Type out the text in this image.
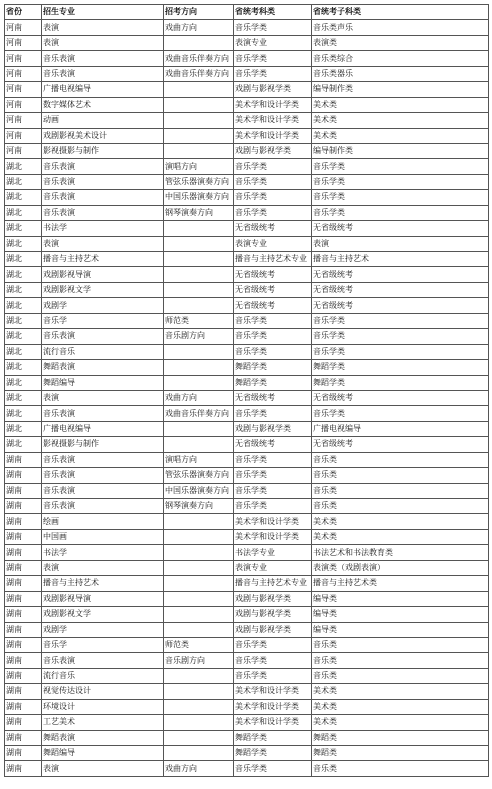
省份	招生专业	招考方向	省统考科类	省统考子科类
河南	表演	戏曲方向	音乐学类	音乐类声乐
河南	表演		表演专业	表演类
河南	音乐表演	戏曲音乐伴奏方向	音乐学类	音乐类综合
河南	音乐表演	戏曲音乐伴奏方向	音乐学类	音乐类器乐
河南	广播电视编导		戏剧与影视学类	编导制作类
河南	数字媒体艺术		美术学和设计学类	美术类
河南	动画		美术学和设计学类	美术类
河南	戏剧影视美术设计		美术学和设计学类	美术类
河南	影视摄影与制作		戏剧与影视学类	编导制作类
湖北	音乐表演	演唱方向	音乐学类	音乐学类
湖北	音乐表演	管弦乐器演奏方向	音乐学类	音乐学类
湖北	音乐表演	中国乐器演奏方向	音乐学类	音乐学类
湖北	音乐表演	钢琴演奏方向	音乐学类	音乐学类
湖北	书法学		无省级统考	无省级统考
湖北	表演		表演专业	表演
湖北	播音与主持艺术		播音与主持艺术专业	播音与主持艺术
湖北	戏剧影视导演		无省级统考	无省级统考
湖北	戏剧影视文学		无省级统考	无省级统考
湖北	戏剧学		无省级统考	无省级统考
湖北	音乐学	师范类	音乐学类	音乐学类
湖北	音乐表演	音乐剧方向	音乐学类	音乐学类
湖北	流行音乐		音乐学类	音乐学类
湖北	舞蹈表演		舞蹈学类	舞蹈学类
湖北	舞蹈编导		舞蹈学类	舞蹈学类
湖北	表演	戏曲方向	无省级统考	无省级统考
湖北	音乐表演	戏曲音乐伴奏方向	音乐学类	音乐学类
湖北	广播电视编导		戏剧与影视学类	广播电视编导
湖北	影视摄影与制作		无省级统考	无省级统考
湖南	音乐表演	演唱方向	音乐学类	音乐类
湖南	音乐表演	管弦乐器演奏方向	音乐学类	音乐类
湖南	音乐表演	中国乐器演奏方向	音乐学类	音乐类
湖南	音乐表演	钢琴演奏方向	音乐学类	音乐类
湖南	绘画		美术学和设计学类	美术类
湖南	中国画		美术学和设计学类	美术类
湖南	书法学		书法学专业	书法艺术和书法教育类
湖南	表演		表演专业	表演类（戏剧表演）
湖南	播音与主持艺术		播音与主持艺术专业	播音与主持艺术类
湖南	戏剧影视导演		戏剧与影视学类	编导类
湖南	戏剧影视文学		戏剧与影视学类	编导类
湖南	戏剧学		戏剧与影视学类	编导类
湖南	音乐学	师范类	音乐学类	音乐类
湖南	音乐表演	音乐剧方向	音乐学类	音乐类
湖南	流行音乐		音乐学类	音乐类
湖南	视觉传达设计		美术学和设计学类	美术类
湖南	环境设计		美术学和设计学类	美术类
湖南	工艺美术		美术学和设计学类	美术类
湖南	舞蹈表演		舞蹈学类	舞蹈类
湖南	舞蹈编导		舞蹈学类	舞蹈类
湖南	表演	戏曲方向	音乐学类	音乐类
